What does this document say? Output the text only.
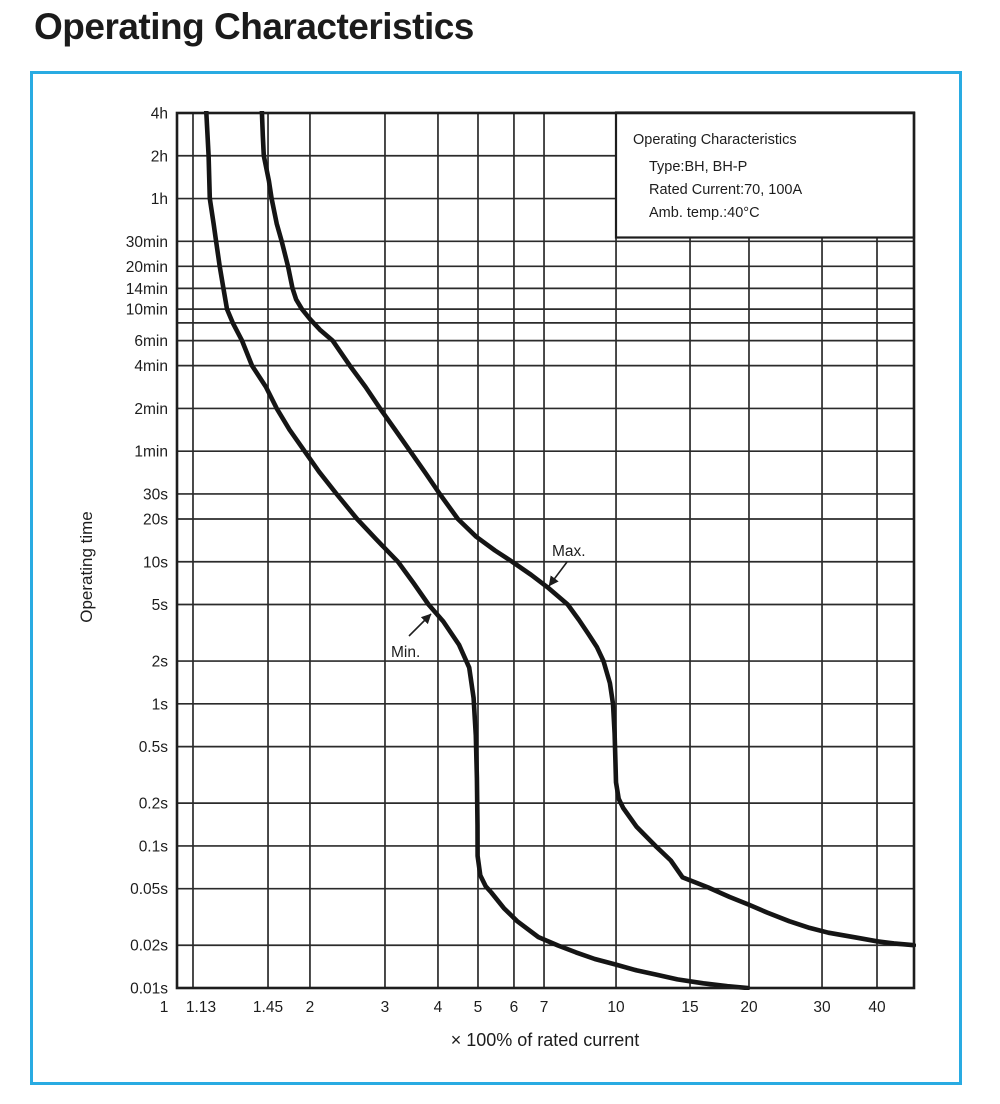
Operating Characteristics
Operating Characteristics
Type:BH, BH-P
Rated Current:70, 100A
Amb. temp.:40°C
4h
2h
1h
30min
20min
14min
10min
6min
4min
2min
1min
30s
20s
10s
5s
2s
1s
0.5s
0.2s
0.1s
0.05s
0.02s
0.01s
1 1.13 1.45 2	3	4 5 6 7	10	15	20	30 40
Operating time
× 100% of rated current
Min.
Max.
